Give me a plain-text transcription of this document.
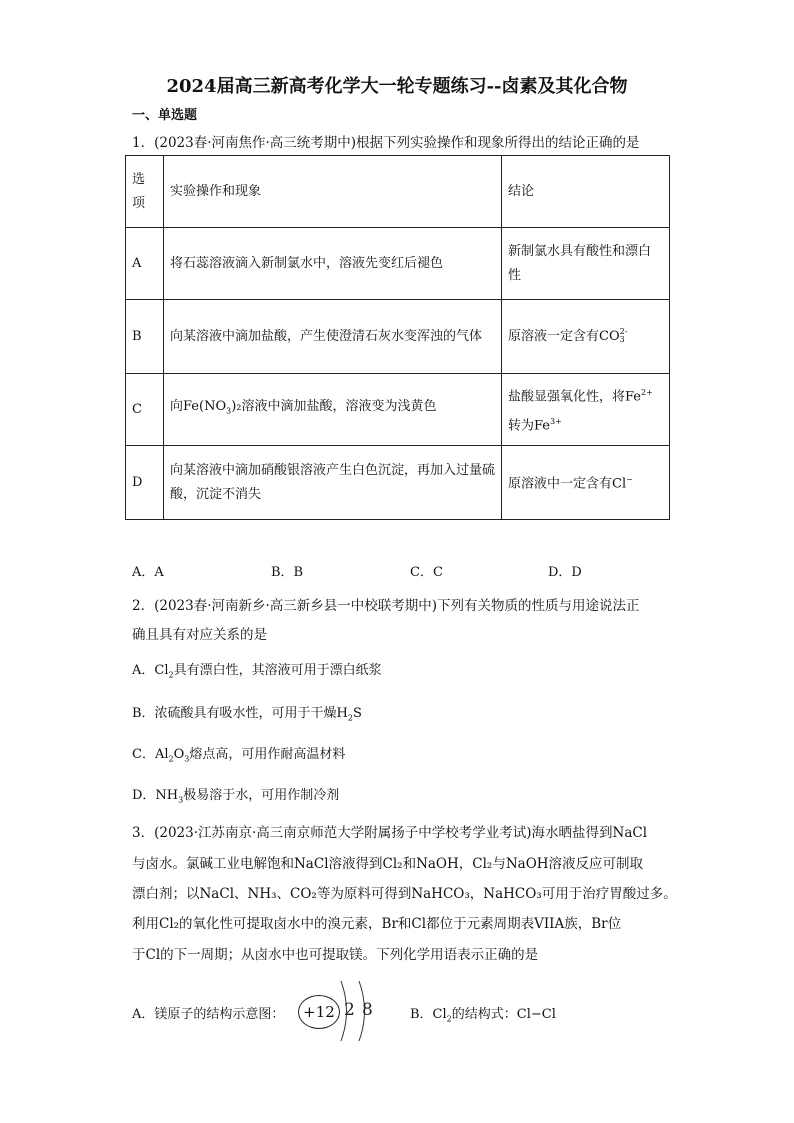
2024届高三新高考化学大一轮专题练习--卤素及其化合物
一、单选题
1．(2023春·河南焦作·高三统考期中)根据下列实验操作和现象所得出的结论正确的是
选项	实验操作和现象	结论
A	将石蕊溶液滴入新制氯水中，溶液先变红后褪色	新制氯水具有酸性和漂白性
B	向某溶液中滴加盐酸，产生使澄清石灰水变浑浊的气体	原溶液一定含有CO2-
3
C	向$Fe(NO_3)_2$溶液中滴加盐酸，溶液变为浅黄色	盐酸显强氧化性，将$Fe^{2+}$
转为$Fe^{3+}$
D	向某溶液中滴加硝酸银溶液产生白色沉淀，再加入过量硫酸，沉淀不消失	原溶液中一定含有Cl−
A．A	B．B	C．C	D．D
2．(2023春·河南新乡·高三新乡县一中校联考期中)下列有关物质的性质与用途说法正
确且具有对应关系的是
A．$Cl_2$具有漂白性，其溶液可用于漂白纸浆
B．浓硫酸具有吸水性，可用于干燥$H_2S$
C．$Al_2O_3$熔点高，可用作耐高温材料
D．$NH_3$极易溶于水，可用作制冷剂
3．(2023·江苏南京·高三南京师范大学附属扬子中学校考学业考试)海水晒盐得到NaCl
与卤水。氯碱工业电解饱和NaCl溶液得到Cl₂和NaOH，Cl₂与NaOH溶液反应可制取
漂白剂；以NaCl、NH₃、CO₂等为原料可得到NaHCO₃，NaHCO₃可用于治疗胃酸过多。
利用Cl₂的氧化性可提取卤水中的溴元素，Br和Cl都位于元素周期表VIIA族，Br位
于Cl的下一周期；从卤水中也可提取镁。下列化学用语表示正确的是
A．镁原子的结构示意图：	+12 2 8	B．$Cl_2$的结构式：Cl−Cl
